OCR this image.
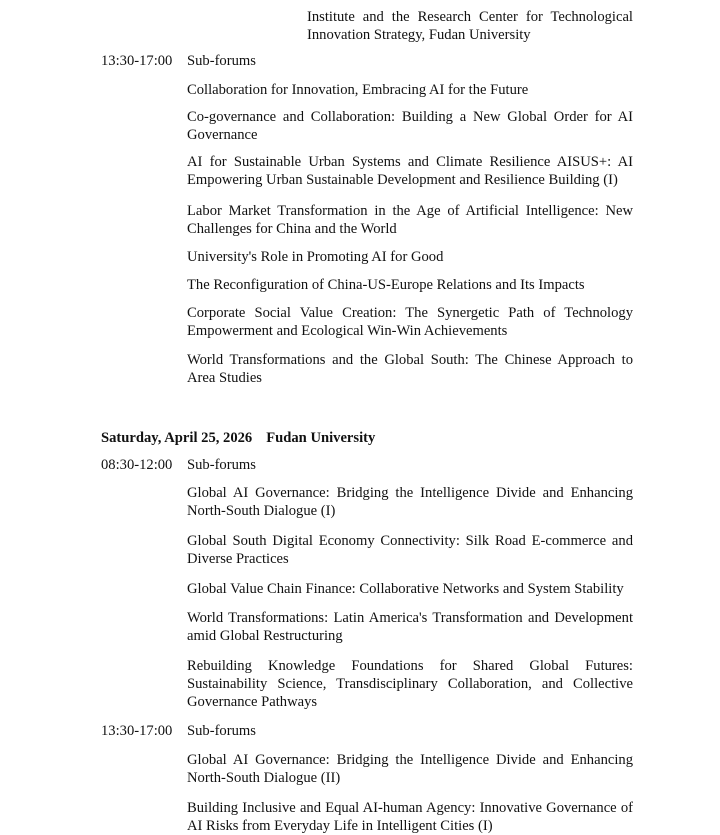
Institute and the Research Center for Technological Innovation Strategy, Fudan University
13:30-17:00 Sub-forums
Collaboration for Innovation, Embracing AI for the Future
Co-governance and Collaboration: Building a New Global Order for AI Governance
AI for Sustainable Urban Systems and Climate Resilience AISUS+: AI Empowering Urban Sustainable Development and Resilience Building (I)
Labor Market Transformation in the Age of Artificial Intelligence: New Challenges for China and the World
University's Role in Promoting AI for Good
The Reconfiguration of China-US-Europe Relations and Its Impacts
Corporate Social Value Creation: The Synergetic Path of Technology Empowerment and Ecological Win-Win Achievements
World Transformations and the Global South: The Chinese Approach to Area Studies
Saturday, April 25, 2026 Fudan University
08:30-12:00 Sub-forums
Global AI Governance: Bridging the Intelligence Divide and Enhancing North-South Dialogue (I)
Global South Digital Economy Connectivity: Silk Road E-commerce and Diverse Practices
Global Value Chain Finance: Collaborative Networks and System Stability
World Transformations: Latin America's Transformation and Development amid Global Restructuring
Rebuilding Knowledge Foundations for Shared Global Futures: Sustainability Science, Transdisciplinary Collaboration, and Collective Governance Pathways
13:30-17:00 Sub-forums
Global AI Governance: Bridging the Intelligence Divide and Enhancing North-South Dialogue (II)
Building Inclusive and Equal AI-human Agency: Innovative Governance of AI Risks from Everyday Life in Intelligent Cities (I)
